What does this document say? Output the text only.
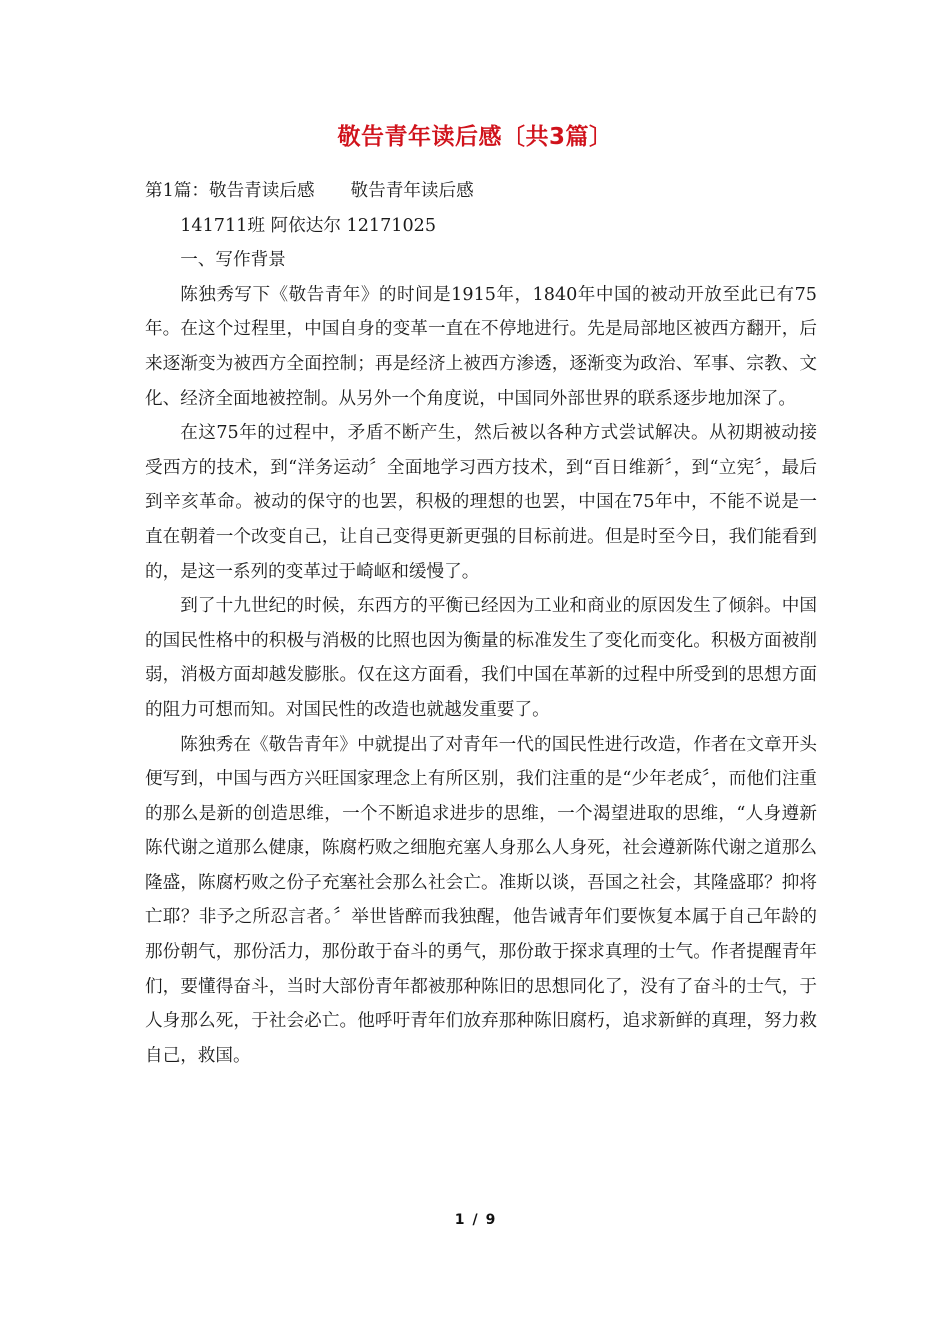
敬告青年读后感〔共3篇〕

第1篇：敬告青读后感 敬告青年读后感

141711班 阿依达尔 12171025

一、写作背景

陈独秀写下《敬告青年》的时间是1915年，1840年中国的被动开放至此已有75年。在这个过程里，中国自身的变革一直在不停地进行。先是局部地区被西方翻开，后来逐渐变为被西方全面控制；再是经济上被西方渗透，逐渐变为政治、军事、宗教、文化、经济全面地被控制。从另外一个角度说，中国同外部世界的联系逐步地加深了。

在这75年的过程中，矛盾不断产生，然后被以各种方式尝试解决。从初期被动接受西方的技术，到“洋务运动〞全面地学习西方技术，到“百日维新〞，到“立宪〞，最后到辛亥革命。被动的保守的也罢，积极的理想的也罢，中国在75年中，不能不说是一直在朝着一个改变自己，让自己变得更新更强的目标前进。但是时至今日，我们能看到的，是这一系列的变革过于崎岖和缓慢了。

到了十九世纪的时候，东西方的平衡已经因为工业和商业的原因发生了倾斜。中国的国民性格中的积极与消极的比照也因为衡量的标准发生了变化而变化。积极方面被削弱，消极方面却越发膨胀。仅在这方面看，我们中国在革新的过程中所受到的思想方面的阻力可想而知。对国民性的改造也就越发重要了。

陈独秀在《敬告青年》中就提出了对青年一代的国民性进行改造，作者在文章开头便写到，中国与西方兴旺国家理念上有所区别，我们注重的是“少年老成〞，而他们注重的那么是新的创造思维，一个不断追求进步的思维，一个渴望进取的思维，“人身遵新陈代谢之道那么健康，陈腐朽败之细胞充塞人身那么人身死，社会遵新陈代谢之道那么隆盛，陈腐朽败之份子充塞社会那么社会亡。准斯以谈，吾国之社会，其隆盛耶？抑将亡耶？非予之所忍言者。〞举世皆醉而我独醒，他告诫青年们要恢复本属于自己年龄的那份朝气，那份活力，那份敢于奋斗的勇气，那份敢于探求真理的士气。作者提醒青年们，要懂得奋斗，当时大部份青年都被那种陈旧的思想同化了，没有了奋斗的士气，于人身那么死，于社会必亡。他呼吁青年们放弃那种陈旧腐朽，追求新鲜的真理，努力救自己，救国。

1 / 9
